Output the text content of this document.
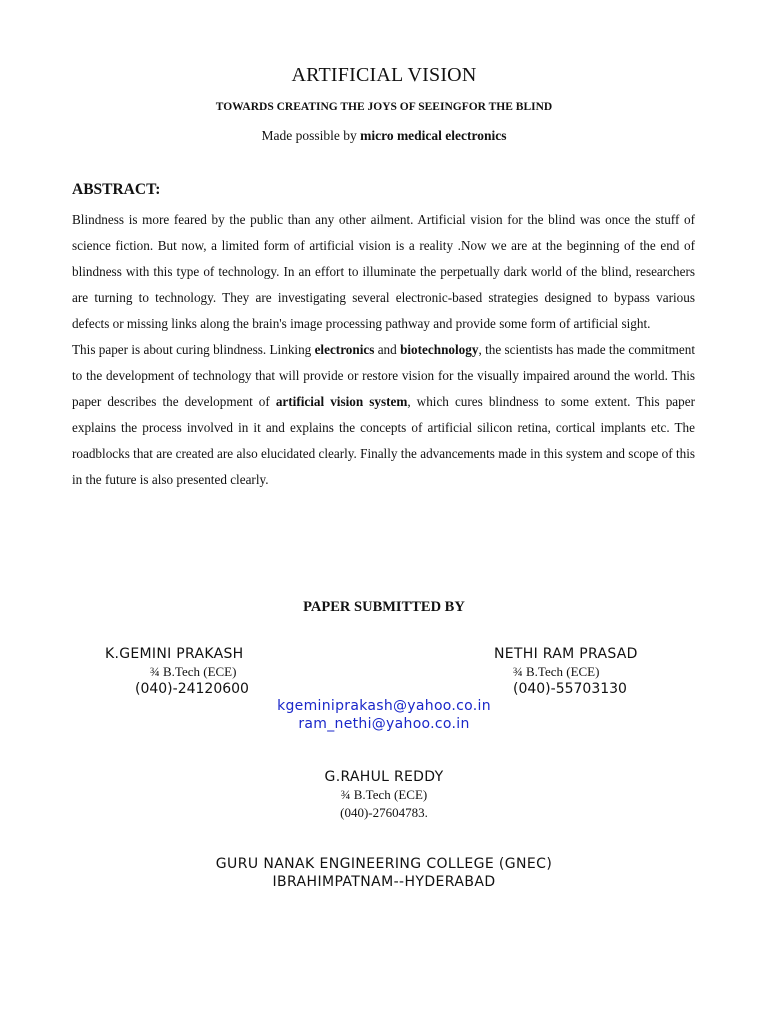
ARTIFICIAL VISION
TOWARDS CREATING THE JOYS OF SEEINGFOR THE BLIND
Made possible by micro medical electronics
ABSTRACT:

Blindness is more feared by the public than any other ailment. Artificial vision for the blind was once the stuff of science fiction. But now, a limited form of artificial vision is a reality .Now we are at the beginning of the end of blindness with this type of technology. In an effort to illuminate the perpetually dark world of the blind, researchers are turning to technology. They are investigating several electronic-based strategies designed to bypass various defects or missing links along the brain's image processing pathway and provide some form of artificial sight.

This paper is about curing blindness. Linking electronics and biotechnology, the scientists has made the commitment to the development of technology that will provide or restore vision for the visually impaired around the world. This paper describes the development of artificial vision system, which cures blindness to some extent. This paper explains the process involved in it and explains the concepts of artificial silicon retina, cortical implants etc. The roadblocks that are created are also elucidated clearly. Finally the advancements made in this system and scope of this in the future is also presented clearly.

PAPER SUBMITTED BY
K.GEMINI PRAKASH
¾ B.Tech (ECE)
(040)-24120600
NETHI RAM PRASAD
¾ B.Tech (ECE)
(040)-55703130
kgeminiprakash@yahoo.co.in
ram_nethi@yahoo.co.in
G.RAHUL REDDY
¾ B.Tech (ECE)
(040)-27604783.
GURU NANAK ENGINEERING COLLEGE (GNEC)
IBRAHIMPATNAM--HYDERABAD
